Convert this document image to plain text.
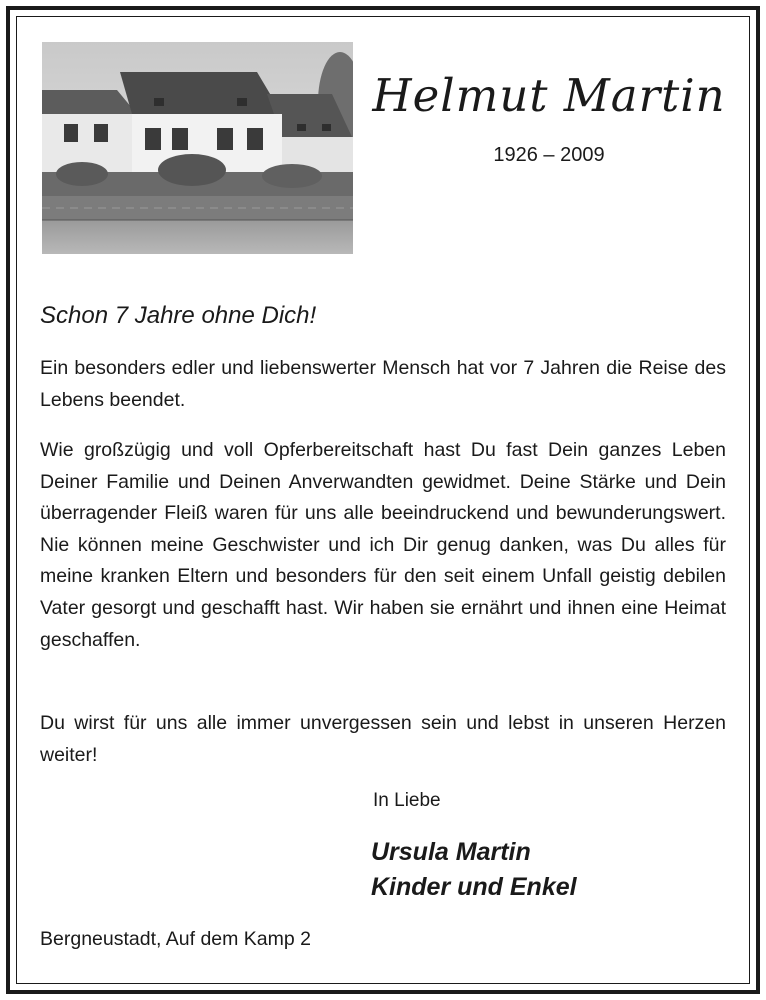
Helmut Martin
1926 – 2009
Schon 7 Jahre ohne Dich!

Ein besonders edler und liebenswerter Mensch hat vor 7 Jahren die Reise des Lebens beendet.

Wie großzügig und voll Opferbereitschaft hast Du fast Dein ganzes Leben Deiner Familie und Deinen Anverwandten gewidmet. Deine Stärke und Dein überragender Fleiß waren für uns alle beeindruckend und bewunderungswert. Nie können meine Geschwister und ich Dir genug danken, was Du alles für meine kranken Eltern und besonders für den seit einem Unfall geistig debilen Vater gesorgt und geschafft hast. Wir haben sie ernährt und ihnen eine Heimat geschaffen.

Du wirst für uns alle immer unvergessen sein und lebst in unseren Herzen weiter!

In Liebe
Ursula Martin
Kinder und Enkel
Bergneustadt, Auf dem Kamp 2
